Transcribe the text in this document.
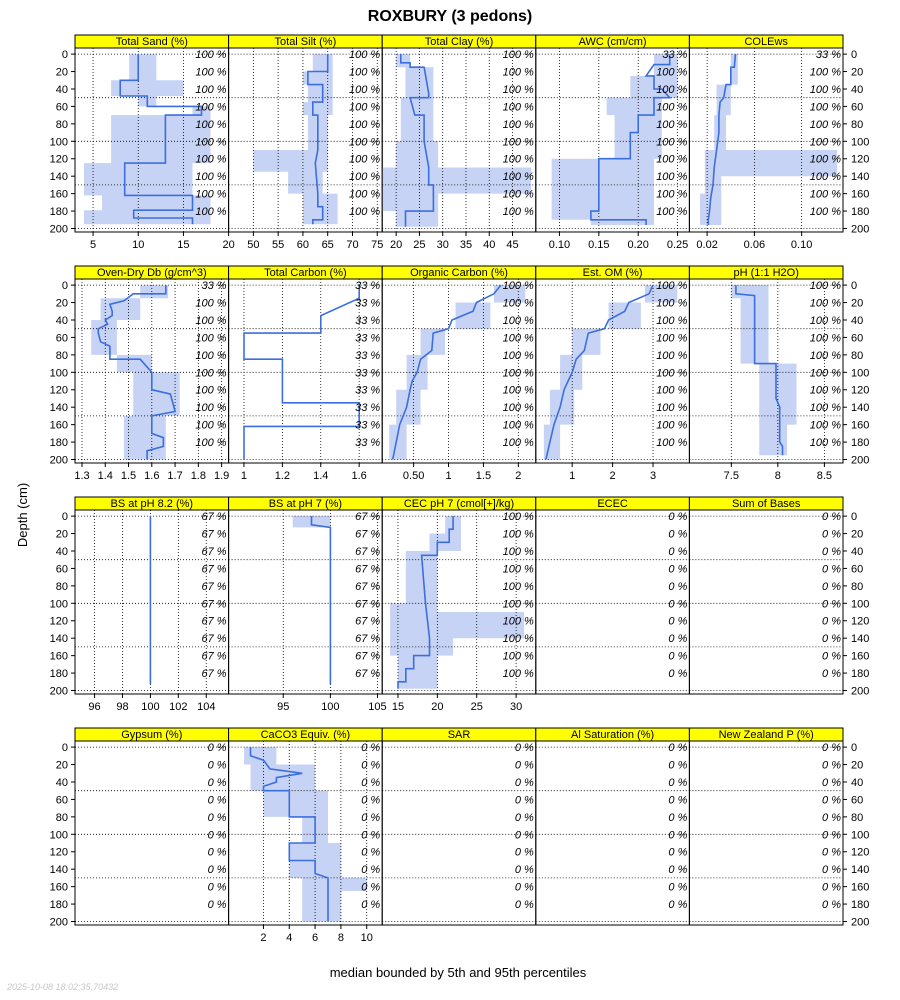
ROXBURY (3 pedons)
Depth (cm)
median bounded by 5th and 95th percentiles
2025-10-08 18:02:35.70432
Total Sand (%)
100 %
100 %
100 %
100 %
100 %
100 %
100 %
100 %
100 %
100 %
5	10	15	20
Total Silt (%)
100 %
100 %
100 %
100 %
100 %
100 %
100 %
100 %
100 %
100 %
50 55 60 65 70 75
Total Clay (%)
100 %
100 %
100 %
100 %
100 %
100 %
100 %
100 %
100 %
100 %
20 25 30 35 40 45
AWC (cm/cm)
33 %
100 %
100 %
100 %
100 %
100 %
100 %
100 %
100 %
100 %
0.10 0.15 0.20 0.25
COLEws
33 %
100 %
100 %
100 %
100 %
100 %
100 %
100 %
100 %
100 %
0.02 0.06 0.10
Oven-Dry Db (g/cm^3)
33 %
100 %
100 %
100 %
100 %
100 %
100 %
100 %
100 %
100 %
1.3 1.4 1.5 1.6 1.7 1.8 1.9
Total Carbon (%)
33 %
33 %
33 %
33 %
33 %
33 %
33 %
33 %
33 %
33 %
1	1.2 1.4 1.6
Organic Carbon (%)
100 %
100 %
100 %
100 %
100 %
100 %
100 %
100 %
100 %
100 %
0.50 1 1.5 2
Est. OM (%)
100 %
100 %
100 %
100 %
100 %
100 %
100 %
100 %
100 %
100 %
1	2	3
pH (1:1 H2O)
100 %
100 %
100 %
100 %
100 %
100 %
100 %
100 %
100 %
100 %
7.5	8	8.5
BS at pH 8.2 (%)
67 %
67 %
67 %
67 %
67 %
67 %
67 %
67 %
67 %
67 %
96 98 100 102 104
BS at pH 7 (%)
67 %
67 %
67 %
67 %
67 %
67 %
67 %
67 %
67 %
67 %
95	100	105
CEC pH 7 (cmol[+]/kg)
100 %
100 %
100 %
100 %
100 %
100 %
100 %
100 %
100 %
100 %
15 20 25 30
ECEC
0 %
0 %
0 %
0 %
0 %
0 %
0 %
0 %
0 %
0 %
Sum of Bases
0 %
0 %
0 %
0 %
0 %
0 %
0 %
0 %
0 %
0 %
Gypsum (%)
0 %
0 %
0 %
0 %
0 %
0 %
0 %
0 %
0 %
0 %
CaCO3 Equiv. (%)
0 %
0 %
0 %
0 %
0 %
0 %
0 %
0 %
0 %
0 %
2 4 6 8 10
SAR
0 %
0 %
0 %
0 %
0 %
0 %
0 %
0 %
0 %
0 %
Al Saturation (%)
0 %
0 %
0 %
0 %
0 %
0 %
0 %
0 %
0 %
0 %
New Zealand P (%)
0 %
0 %
0 %
0 %
0 %
0 %
0 %
0 %
0 %
0 %
0	0
20	20
40	40
60	60
80	80
100	100
120	120
140	140
160	160
180	180
200	200
0	0
20	20
40	40
60	60
80	80
100	100
120	120
140	140
160	160
180	180
200	200
0	0
20	20
40	40
60	60
80	80
100	100
120	120
140	140
160	160
180	180
200	200
0	0
20	20
40	40
60	60
80	80
100	100
120	120
140	140
160	160
180	180
200	200
